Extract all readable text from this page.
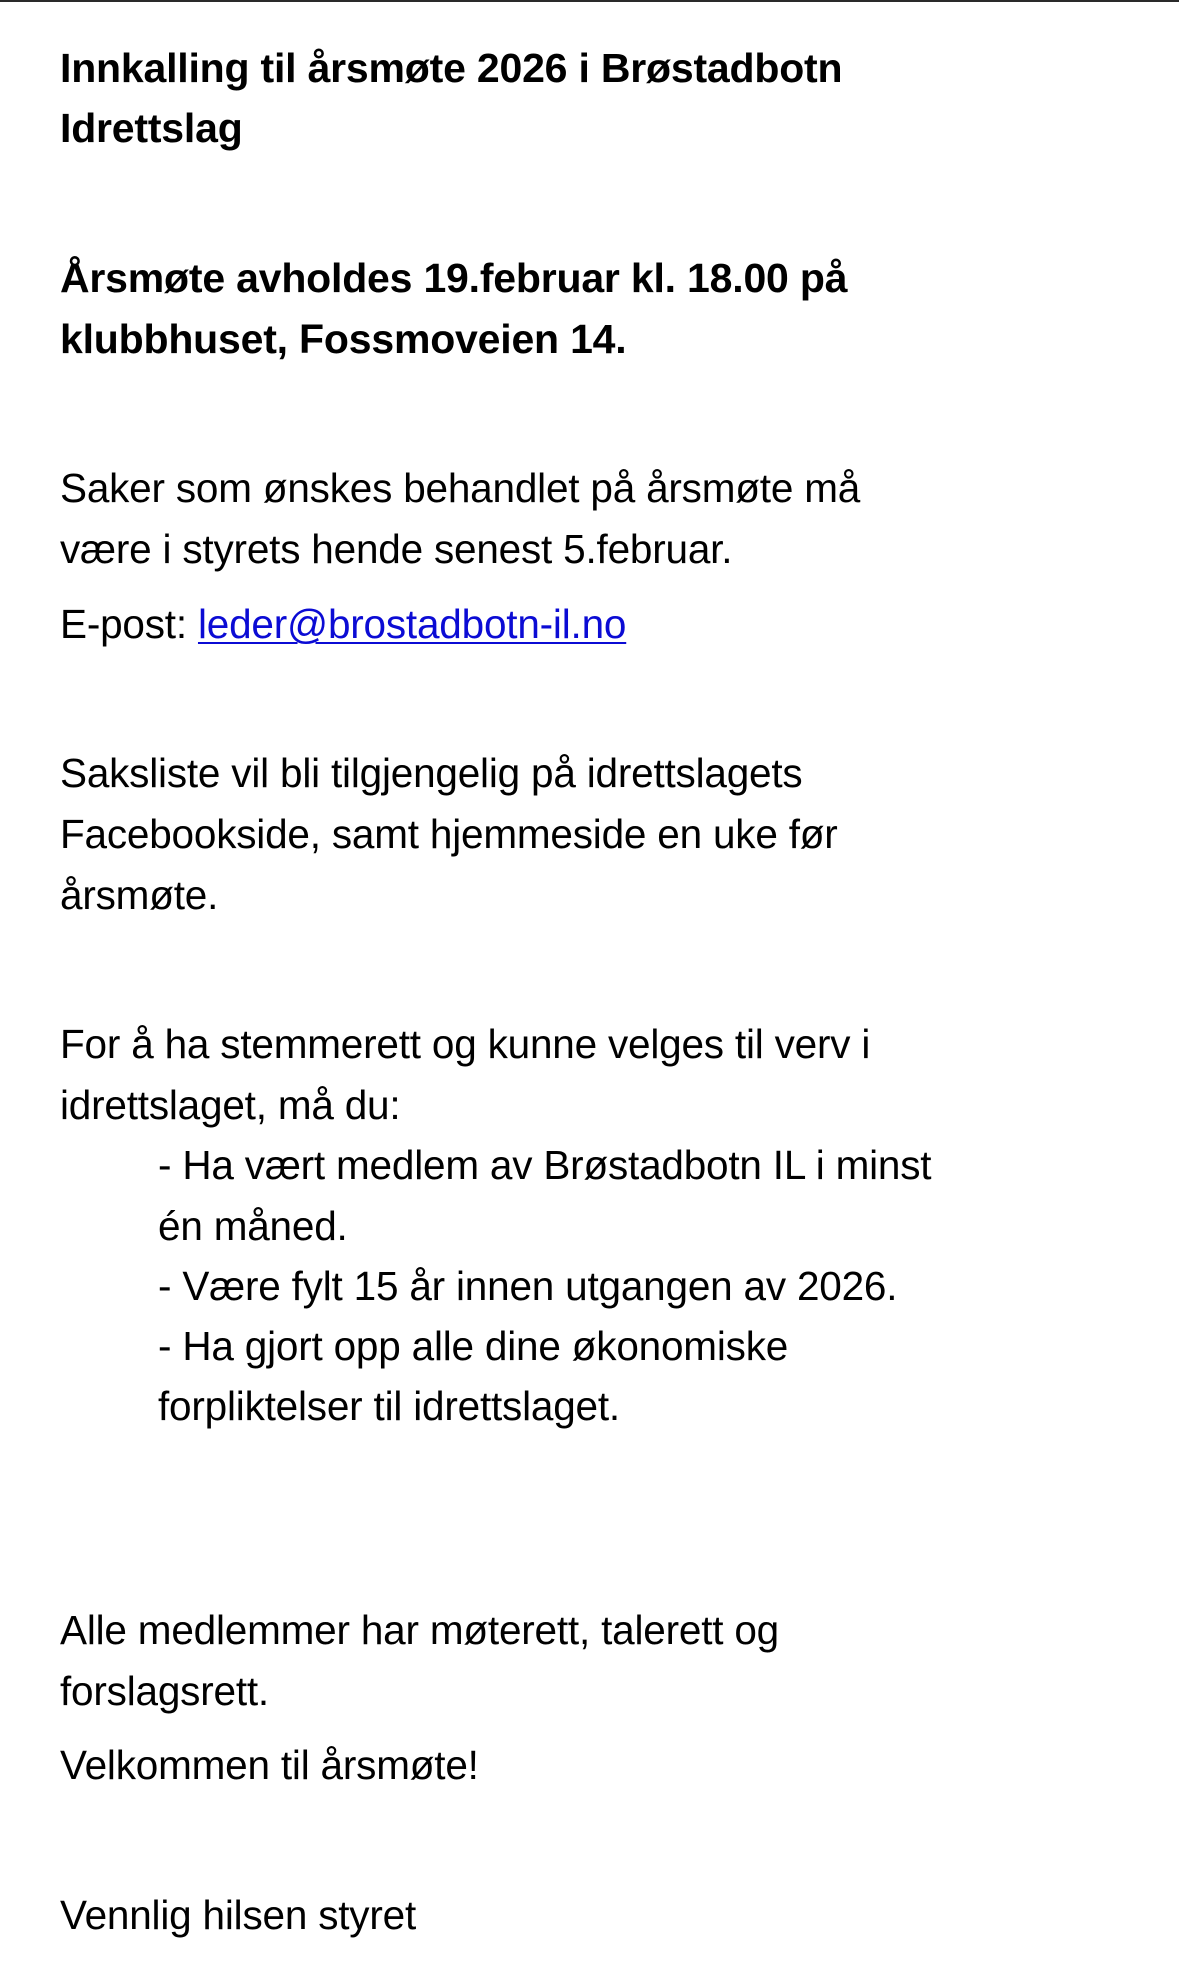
Innkalling til årsmøte 2026 i Brøstadbotn
Idrettslag
Årsmøte avholdes 19.februar kl. 18.00 på
klubbhuset, Fossmoveien 14.
Saker som ønskes behandlet på årsmøte må
være i styrets hende senest 5.februar.
E-post: leder@brostadbotn-il.no
Saksliste vil bli tilgjengelig på idrettslagets
Facebookside, samt hjemmeside en uke før
årsmøte.
For å ha stemmerett og kunne velges til verv i
idrettslaget, må du:
- Ha vært medlem av Brøstadbotn IL i minst
én måned.
- Være fylt 15 år innen utgangen av 2026.
- Ha gjort opp alle dine økonomiske
forpliktelser til idrettslaget.
Alle medlemmer har møterett, talerett og
forslagsrett.
Velkommen til årsmøte!
Vennlig hilsen styret
